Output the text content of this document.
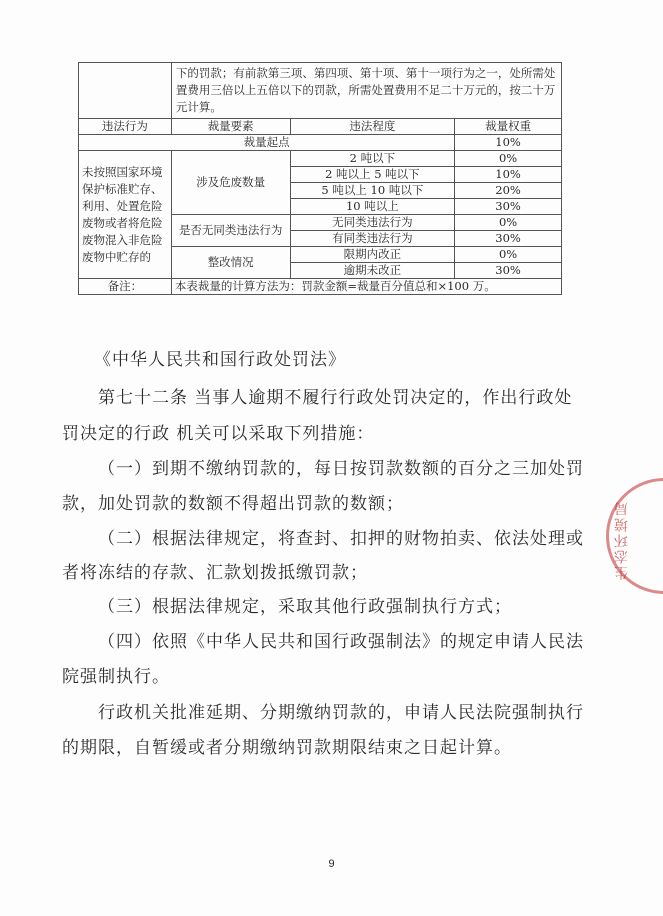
	下的罚款；有前款第三项、第四项、第十项、第十一项行为之一，处所需处置费用三倍以上五倍以下的罚款，所需处置费用不足二十万元的，按二十万元计算。		
违法行为	裁量要素	违法程度	裁量权重
裁量起点			10%
未按照国家环境保护标准贮存、利用、处置危险废物或者将危险废物混入非危险废物中贮存的	涉及危废数量	2 吨以下	0%
		2 吨以上 5 吨以下	10%
		5 吨以上 10 吨以下	20%
		10 吨以上	30%
	是否无同类违法行为	无同类违法行为	0%
		有同类违法行为	30%
	整改情况	限期内改正	0%
		逾期未改正	30%
备注：	本表裁量的计算方法为：罚款金额=裁量百分值总和×100 万。		
《中华人民共和国行政处罚法》
第七十二条 当事人逾期不履行行政处罚决定的，作出行政处
罚决定的行政 机关可以采取下列措施：
（一）到期不缴纳罚款的，每日按罚款数额的百分之三加处罚
款，加处罚款的数额不得超出罚款的数额；
（二）根据法律规定，将查封、扣押的财物拍卖、依法处理或
者将冻结的存款、汇款划拨抵缴罚款；
（三）根据法律规定，采取其他行政强制执行方式；
（四）依照《中华人民共和国行政强制法》的规定申请人民法
院强制执行。
行政机关批准延期、分期缴纳罚款的，申请人民法院强制执行
的期限，自暂缓或者分期缴纳罚款期限结束之日起计算。
生态环境局
9
